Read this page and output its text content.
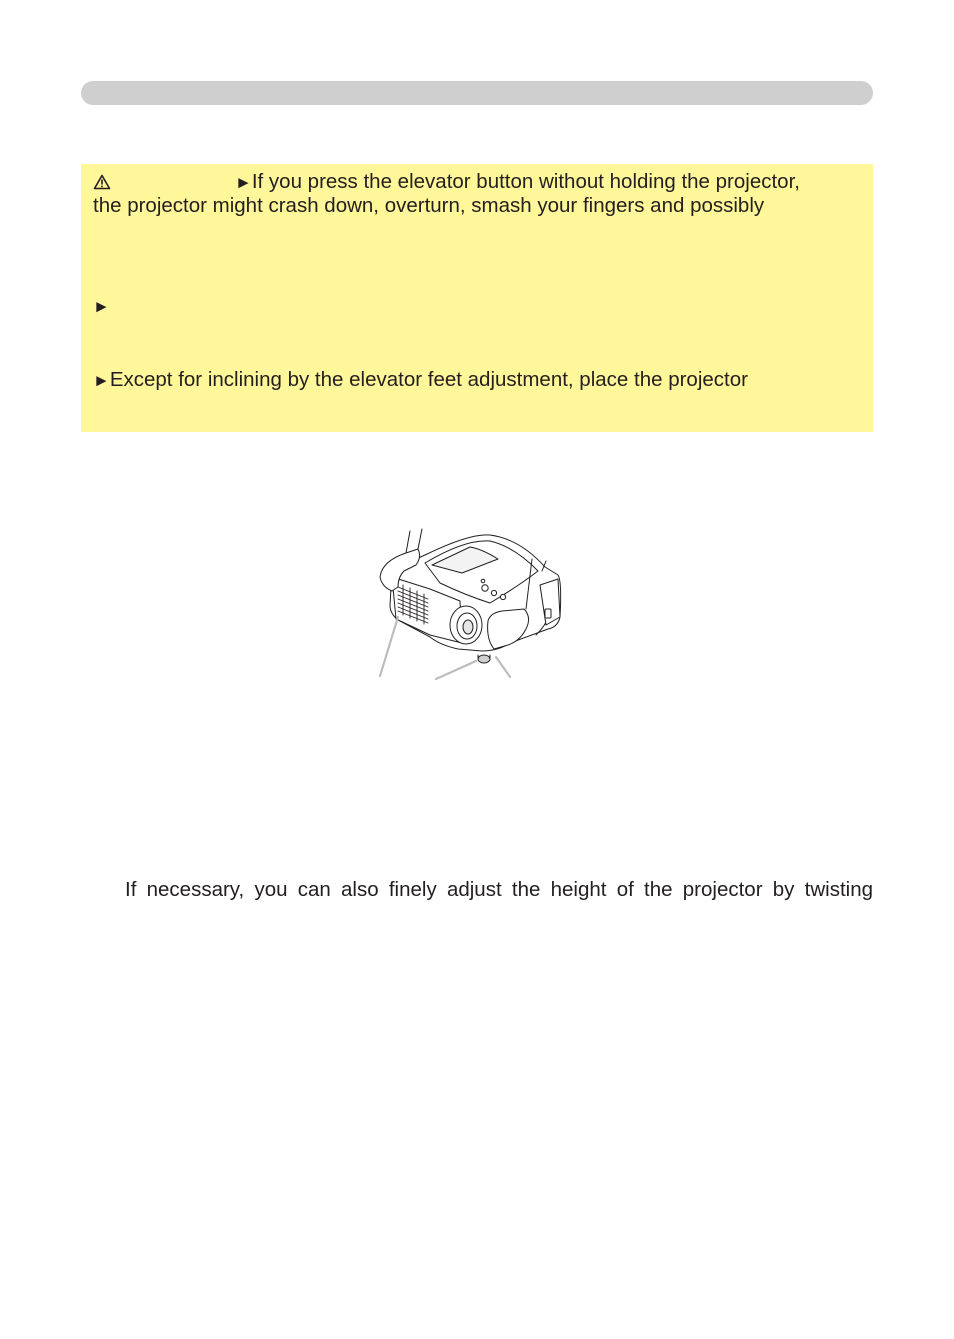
►If you press the elevator button without holding the projector,
the projector might crash down, overturn, smash your fingers and possibly
►
►Except for inclining by the elevator feet adjustment, place the projector
If necessary, you can also finely adjust the height of the projector by twisting
